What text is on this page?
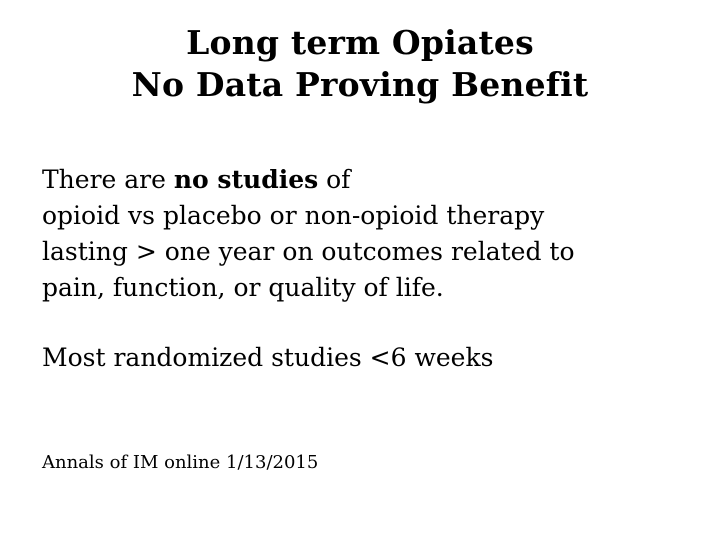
Long term Opiates
No Data Proving Benefit
There are no studies of
opioid vs placebo or non-opioid therapy
lasting > one year on outcomes related to
pain, function, or quality of life.
Most randomized studies <6 weeks
Annals of IM online 1/13/2015
